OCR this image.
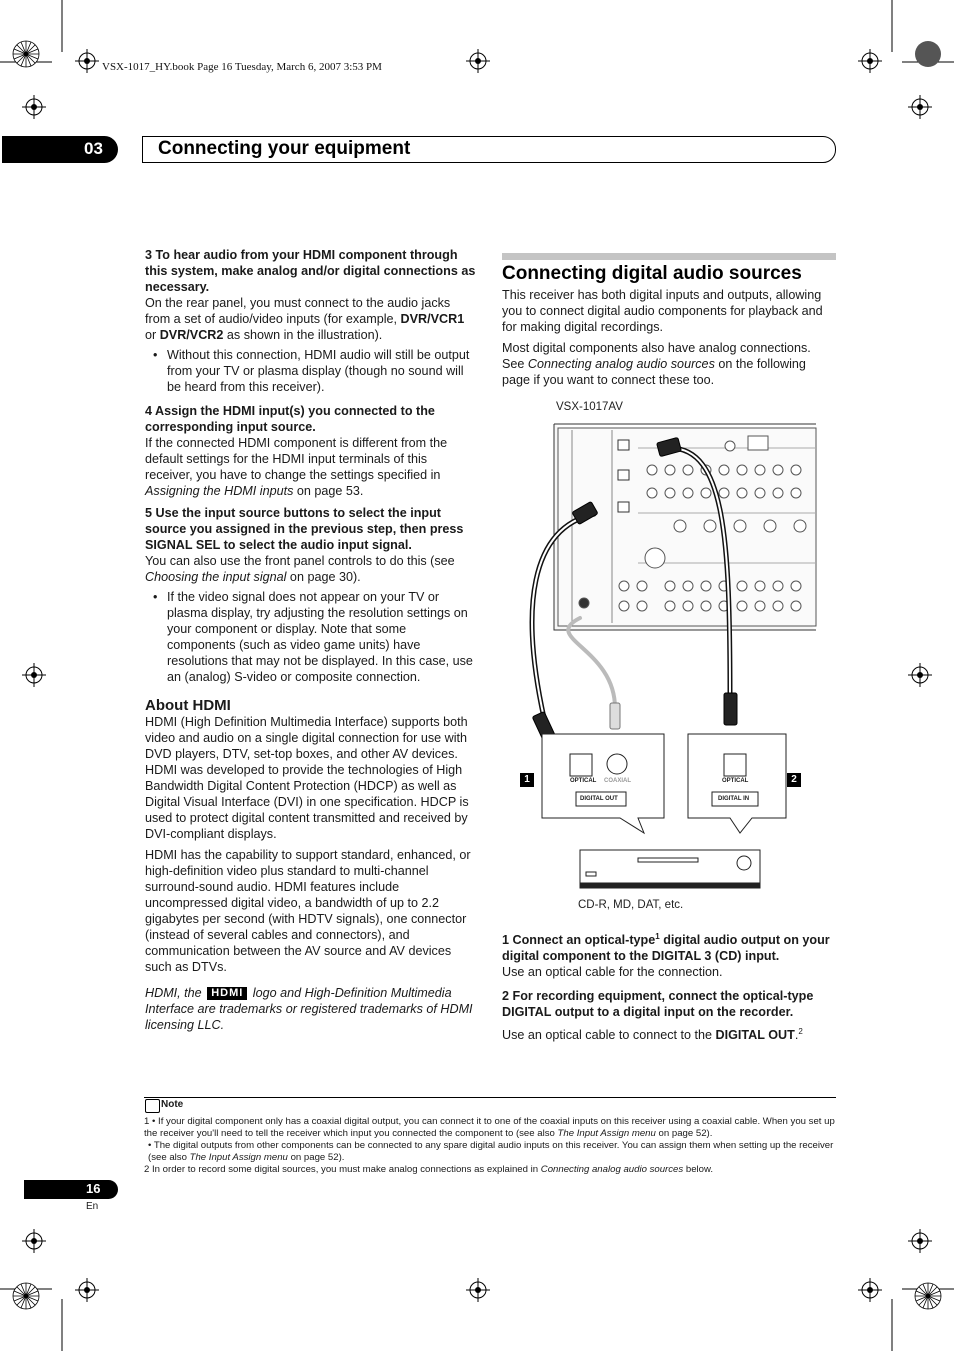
VSX-1017_HY.book Page 16 Tuesday, March 6, 2007 3:53 PM
03	Connecting your equipment

3 To hear audio from your HDMI component through this system, make analog and/or digital connections as necessary.

On the rear panel, you must connect to the audio jacks from a set of audio/video inputs (for example, DVR/VCR1 or DVR/VCR2 as shown in the illustration).

• Without this connection, HDMI audio will still be output from your TV or plasma display (though no sound will be heard from this receiver).

4 Assign the HDMI input(s) you connected to the corresponding input source.

If the connected HDMI component is different from the default settings for the HDMI input terminals of this receiver, you have to change the settings specified in Assigning the HDMI inputs on page 53.

5 Use the input source buttons to select the input source you assigned in the previous step, then press SIGNAL SEL to select the audio input signal.

You can also use the front panel controls to do this (see Choosing the input signal on page 30).

• If the video signal does not appear on your TV or plasma display, try adjusting the resolution settings on your component or display. Note that some components (such as video game units) have resolutions that may not be displayed. In this case, use an (analog) S-video or composite connection.

About HDMI

HDMI (High Definition Multimedia Interface) supports both video and audio on a single digital connection for use with DVD players, DTV, set-top boxes, and other AV devices. HDMI was developed to provide the technologies of High Bandwidth Digital Content Protection (HDCP) as well as Digital Visual Interface (DVI) in one specification. HDCP is used to protect digital content transmitted and received by DVI-compliant displays.

HDMI has the capability to support standard, enhanced, or high-definition video plus standard to multi-channel surround-sound audio. HDMI features include uncompressed digital video, a bandwidth of up to 2.2 gigabytes per second (with HDTV signals), one connector (instead of several cables and connectors), and communication between the AV source and AV devices such as DTVs.

HDMI, the HDMI logo and High-Definition Multimedia Interface are trademarks or registered trademarks of HDMI licensing LLC.

Connecting digital audio sources

This receiver has both digital inputs and outputs, allowing you to connect digital audio components for playback and for making digital recordings.

Most digital components also have analog connections. See Connecting analog audio sources on the following page if you want to connect these too.

VSX-1017AV
1	2
OPTICAL COAXIAL	OPTICAL
DIGITAL OUT	DIGITAL IN
CD-R, MD, DAT, etc.

1 Connect an optical-type$^1$ digital audio output on your digital component to the DIGITAL 3 (CD) input.

Use an optical cable for the connection.

2 For recording equipment, connect the optical-type DIGITAL output to a digital input on the recorder.

Use an optical cable to connect to the DIGITAL OUT.$^2$

Note

1 • If your digital component only has a coaxial digital output, you can connect it to one of the coaxial inputs on this receiver using a coaxial cable. When you set up the receiver you'll need to tell the receiver which input you connected the component to (see also The Input Assign menu on page 52).

• The digital outputs from other components can be connected to any spare digital audio inputs on this receiver. You can assign them when setting up the receiver (see also The Input Assign menu on page 52).

2 In order to record some digital sources, you must make analog connections as explained in Connecting analog audio sources below.

16
En
